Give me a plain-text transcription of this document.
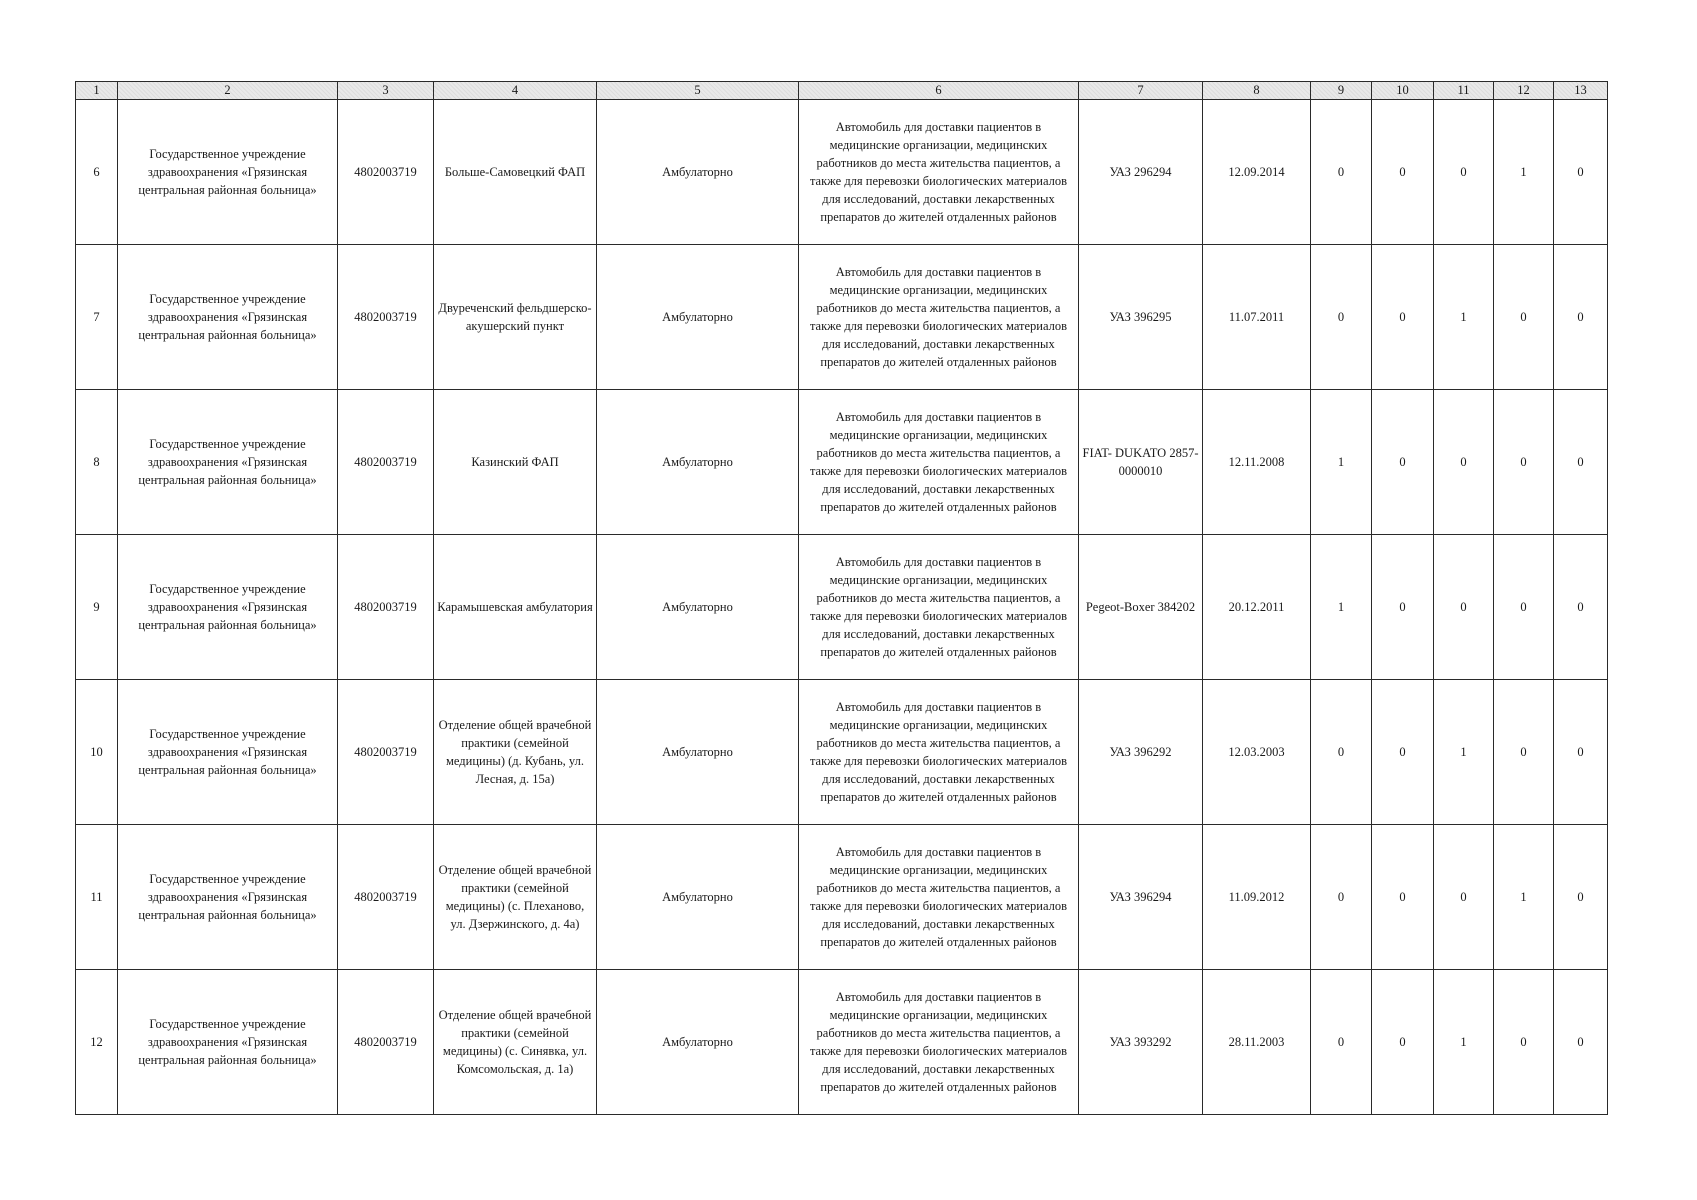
1	2	3	4	5	6	7	8	9	10	11	12	13
6	Государственное учреждение здравоохранения «Грязинская центральная районная больница»	4802003719	Больше-Самовецкий ФАП	Амбулаторно	Автомобиль для доставки пациентов в медицинские организации, медицинских работников до места жительства пациентов, а также для перевозки биологических материалов для исследований, доставки лекарственных препаратов до жителей отдаленных районов	УАЗ 296294	12.09.2014	0	0	0	1	0
7	Государственное учреждение здравоохранения «Грязинская центральная районная больница»	4802003719	Двуреченский фельдшерско-акушерский пункт	Амбулаторно	Автомобиль для доставки пациентов в медицинские организации, медицинских работников до места жительства пациентов, а также для перевозки биологических материалов для исследований, доставки лекарственных препаратов до жителей отдаленных районов	УАЗ 396295	11.07.2011	0	0	1	0	0
8	Государственное учреждение здравоохранения «Грязинская центральная районная больница»	4802003719	Казинский ФАП	Амбулаторно	Автомобиль для доставки пациентов в медицинские организации, медицинских работников до места жительства пациентов, а также для перевозки биологических материалов для исследований, доставки лекарственных препаратов до жителей отдаленных районов	FIAT- DUKATO 2857-0000010	12.11.2008	1	0	0	0	0
9	Государственное учреждение здравоохранения «Грязинская центральная районная больница»	4802003719	Карамышевская амбулатория	Амбулаторно	Автомобиль для доставки пациентов в медицинские организации, медицинских работников до места жительства пациентов, а также для перевозки биологических материалов для исследований, доставки лекарственных препаратов до жителей отдаленных районов	Pegeot-Boxer 384202	20.12.2011	1	0	0	0	0
10	Государственное учреждение здравоохранения «Грязинская центральная районная больница»	4802003719	Отделение общей врачебной практики (семейной медицины) (д. Кубань, ул. Лесная, д. 15а)	Амбулаторно	Автомобиль для доставки пациентов в медицинские организации, медицинских работников до места жительства пациентов, а также для перевозки биологических материалов для исследований, доставки лекарственных препаратов до жителей отдаленных районов	УАЗ 396292	12.03.2003	0	0	1	0	0
11	Государственное учреждение здравоохранения «Грязинская центральная районная больница»	4802003719	Отделение общей врачебной практики (семейной медицины) (с. Плеханово, ул. Дзержинского, д. 4а)	Амбулаторно	Автомобиль для доставки пациентов в медицинские организации, медицинских работников до места жительства пациентов, а также для перевозки биологических материалов для исследований, доставки лекарственных препаратов до жителей отдаленных районов	УАЗ 396294	11.09.2012	0	0	0	1	0
12	Государственное учреждение здравоохранения «Грязинская центральная районная больница»	4802003719	Отделение общей врачебной практики (семейной медицины) (с. Синявка, ул. Комсомольская, д. 1а)	Амбулаторно	Автомобиль для доставки пациентов в медицинские организации, медицинских работников до места жительства пациентов, а также для перевозки биологических материалов для исследований, доставки лекарственных препаратов до жителей отдаленных районов	УАЗ 393292	28.11.2003	0	0	1	0	0
